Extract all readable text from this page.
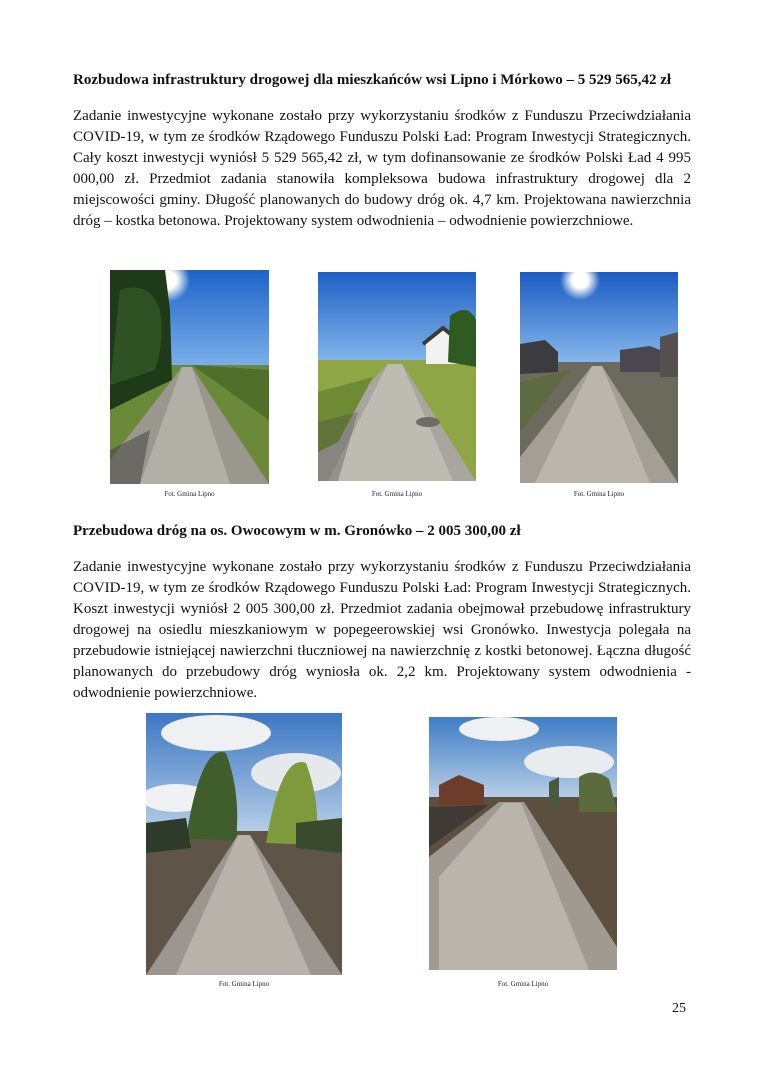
Rozbudowa infrastruktury drogowej dla mieszkańców wsi Lipno i Mórkowo – 5 529 565,42 zł

Zadanie inwestycyjne wykonane zostało przy wykorzystaniu środków z Funduszu Przeciwdziałania COVID-19, w tym ze środków Rządowego Funduszu Polski Ład: Program Inwestycji Strategicznych. Cały koszt inwestycji wyniósł 5 529 565,42 zł, w tym dofinansowanie ze środków Polski Ład 4 995 000,00 zł. Przedmiot zadania stanowiła kompleksowa budowa infrastruktury drogowej dla 2 miejscowości gminy. Długość planowanych do budowy dróg ok. 4,7 km. Projektowana nawierzchnia dróg – kostka betonowa. Projektowany system odwodnienia – odwodnienie powierzchniowe.

Fot. Gmina Lipno	Fot. Gmina Lipno	Fot. Gmina Lipno
Przebudowa dróg na os. Owocowym w m. Gronówko – 2 005 300,00 zł

Zadanie inwestycyjne wykonane zostało przy wykorzystaniu środków z Funduszu Przeciwdziałania COVID-19, w tym ze środków Rządowego Funduszu Polski Ład: Program Inwestycji Strategicznych. Koszt inwestycji wyniósł 2 005 300,00 zł. Przedmiot zadania obejmował przebudowę infrastruktury drogowej na osiedlu mieszkaniowym w popegeerowskiej wsi Gronówko. Inwestycja polegała na przebudowie istniejącej nawierzchni tłuczniowej na nawierzchnię z kostki betonowej. Łączna długość planowanych do przebudowy dróg wyniosła ok. 2,2 km. Projektowany system odwodnienia - odwodnienie powierzchniowe.

Fot. Gmina Lipno	Fot. Gmina Lipno
25
